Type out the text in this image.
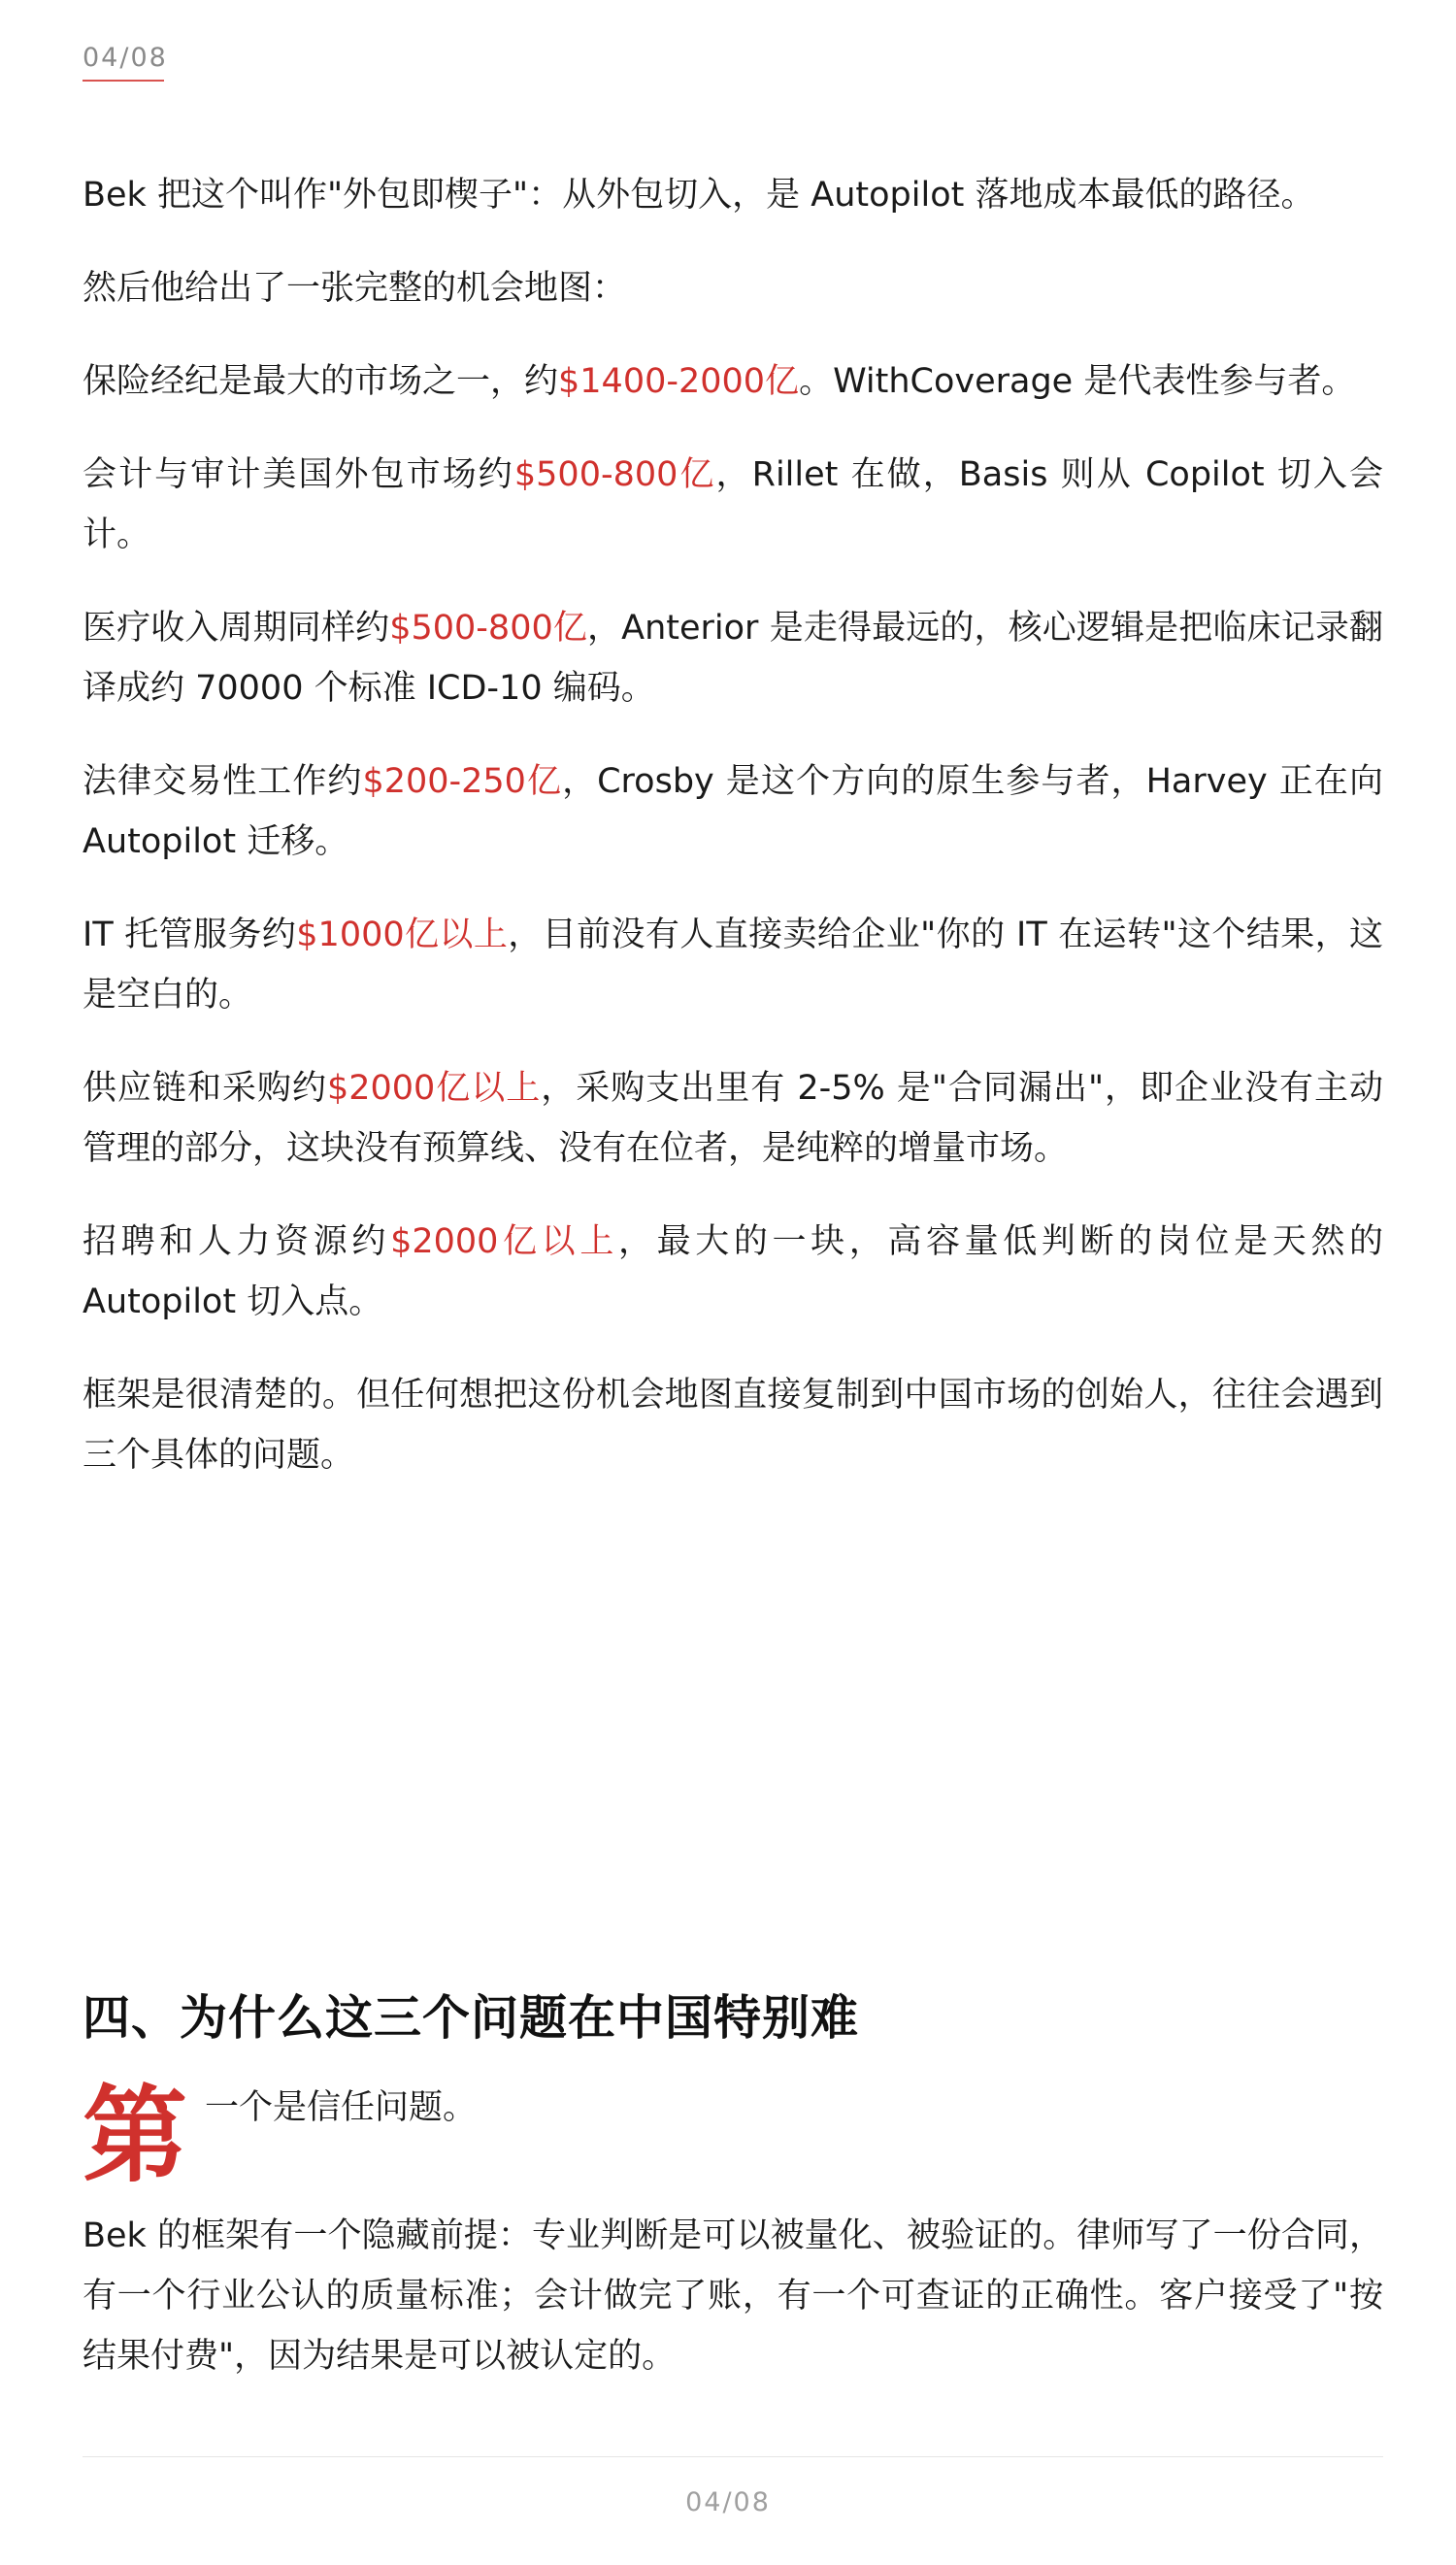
04/08

Bek 把这个叫作"外包即楔子"：从外包切入，是 Autopilot 落地成本最低的路径。

然后他给出了一张完整的机会地图：

保险经纪是最大的市场之一，约$1400-2000亿。WithCoverage 是代表性参与者。

会计与审计美国外包市场约$500-800亿，Rillet 在做，Basis 则从 Copilot 切入会计。

医疗收入周期同样约$500-800亿，Anterior 是走得最远的，核心逻辑是把临床记录翻译成约 70000 个标准 ICD-10 编码。

法律交易性工作约$200-250亿，Crosby 是这个方向的原生参与者，Harvey 正在向 Autopilot 迁移。

IT 托管服务约$1000亿以上，目前没有人直接卖给企业"你的 IT 在运转"这个结果，这是空白的。

供应链和采购约$2000亿以上，采购支出里有 2-5% 是"合同漏出"，即企业没有主动管理的部分，这块没有预算线、没有在位者，是纯粹的增量市场。

招聘和人力资源约$2000亿以上，最大的一块，高容量低判断的岗位是天然的 Autopilot 切入点。

框架是很清楚的。但任何想把这份机会地图直接复制到中国市场的创始人，往往会遇到三个具体的问题。

四、为什么这三个问题在中国特别难
第 一个是信任问题。

Bek 的框架有一个隐藏前提：专业判断是可以被量化、被验证的。律师写了一份合同，有一个行业公认的质量标准；会计做完了账，有一个可查证的正确性。客户接受了"按结果付费"，因为结果是可以被认定的。

04/08
